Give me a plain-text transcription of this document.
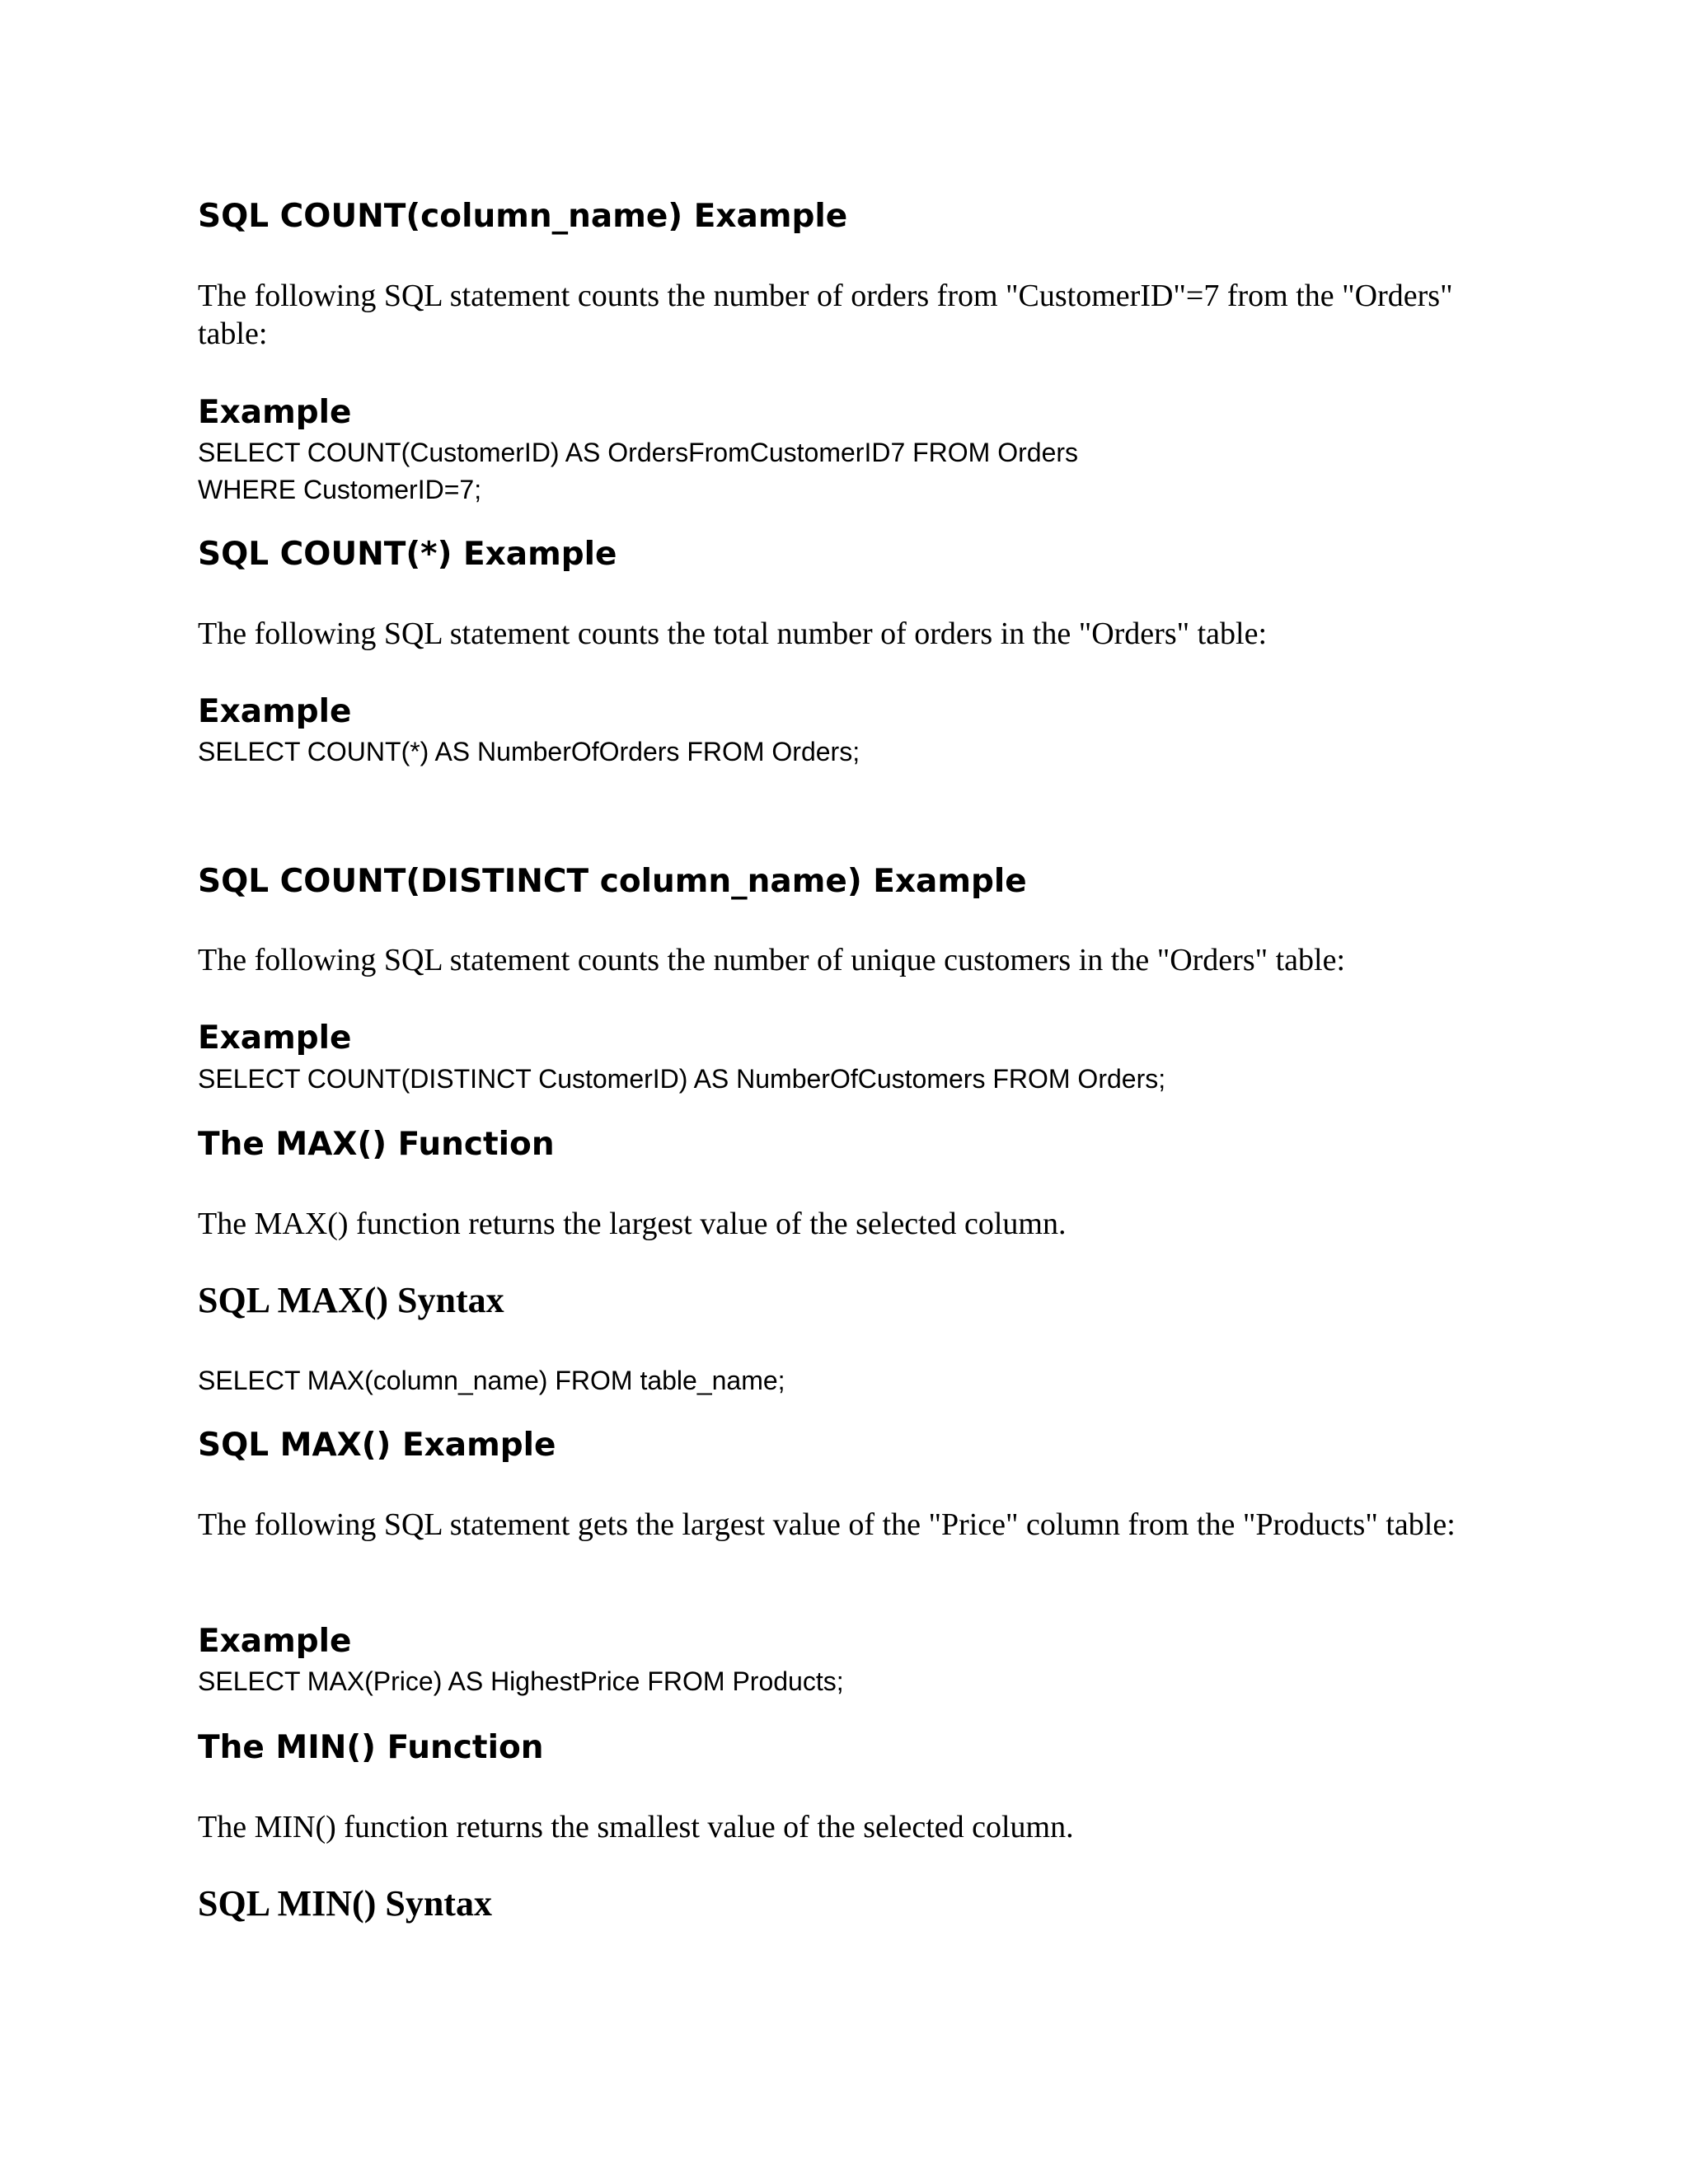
SQL COUNT(column_name) Example

The following SQL statement counts the number of orders from "CustomerID"=7 from the "Orders" table:

Example
SELECT COUNT(CustomerID) AS OrdersFromCustomerID7 FROM Orders
WHERE CustomerID=7;
SQL COUNT(*) Example

The following SQL statement counts the total number of orders in the "Orders" table:

Example
SELECT COUNT(*) AS NumberOfOrders FROM Orders;
SQL COUNT(DISTINCT column_name) Example

The following SQL statement counts the number of unique customers in the "Orders" table:

Example
SELECT COUNT(DISTINCT CustomerID) AS NumberOfCustomers FROM Orders;
The MAX() Function

The MAX() function returns the largest value of the selected column.

SQL MAX() Syntax
SELECT MAX(column_name) FROM table_name;
SQL MAX() Example

The following SQL statement gets the largest value of the "Price" column from the "Products" table:

Example
SELECT MAX(Price) AS HighestPrice FROM Products;
The MIN() Function

The MIN() function returns the smallest value of the selected column.

SQL MIN() Syntax
